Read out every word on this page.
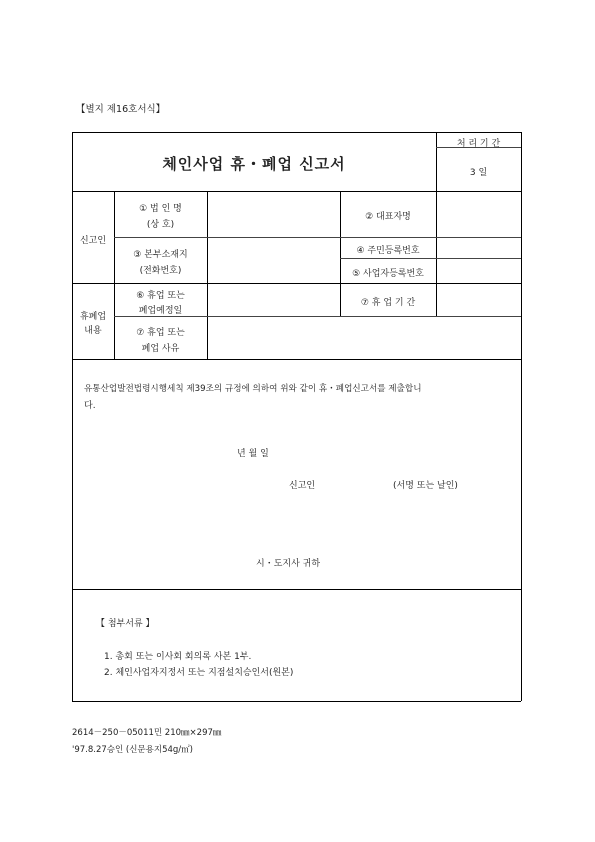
【별지 제16호서식】
체인사업 휴・폐업 신고서
처 리 기 간
3 일
신고인
① 법 인 명
(상 호)
② 대표자명
③ 본부소재지
(전화번호)
④ 주민등록번호
⑤ 사업자등록번호
휴폐업
내용
⑥ 휴업 또는
폐업예정일
⑦ 휴 업 기 간
⑦ 휴업 또는
폐업 사유
유통산업발전법령시행세칙 제39조의 규정에 의하여 위와 같이 휴・폐업신고서를 제출합니
다.
년 월 일
신고인	(서명 또는 날인)
시・도지사 귀하
【 첨부서류 】
1. 총회 또는 이사회 회의록 사본 1부.
2. 체인사업자지정서 또는 지점설치승인서(원본)
2614－250－05011민 210㎜×297㎜
'97.8.27승인 (신문용지54g/㎡)
